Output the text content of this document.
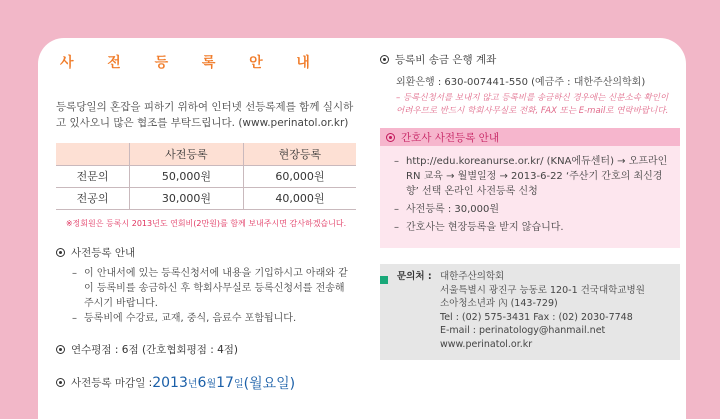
사 전 등 록 안 내

등록당일의 혼잡을 피하기 위하여 인터넷 선등록제를 함께 실시하고 있사오니 많은 협조를 부탁드립니다. (www.perinatol.or.kr)

	사전등록	현장등록
전문의	50,000원	60,000원
전공의	30,000원	40,000원

※정회원은 등록시 2013년도 연회비(2만원)를 함께 보내주시면 감사하겠습니다.

사전등록 안내
– 이 안내서에 있는 등록신청서에 내용을 기입하시고 아래와 같이 등록비를 송금하신 후 학회사무실로 등록신청서를 전송해 주시기 바랍니다.
– 등록비에 수강료, 교재, 중식, 음료수 포함됩니다.
연수평점 : 6점 (간호협회평점 : 4점)
사전등록 마감일 : 2013 년 6 월 17 일 (월요일)
등록비 송금 은행 계좌
외환은행 : 630-007441-550 (예금주 : 대한주산의학회)
– 등록신청서를 보내지 않고 등록비를 송금하신 경우에는 신분소속 확인이 어려우므로 반드시 학회사무실로 전화, FAX 또는 E-mail로 연락바랍니다.
간호사 사전등록 안내
– http://edu.koreanurse.or.kr/ (KNA에듀센터) → 오프라인RN 교육 → 월별일정 → 2013-6-22 ‘주산기 간호의 최신경향’ 선택 온라인 사전등록 신청
– 사전등록 : 30,000원
– 간호사는 현장등록을 받지 않습니다.
문의처 : 대한주산의학회
서울특별시 광진구 능동로 120-1 건국대학교병원
소아청소년과 內 (143-729)
Tel : (02) 575-3431 Fax : (02) 2030-7748
E-mail : perinatology@hanmail.net
www.perinatol.or.kr
